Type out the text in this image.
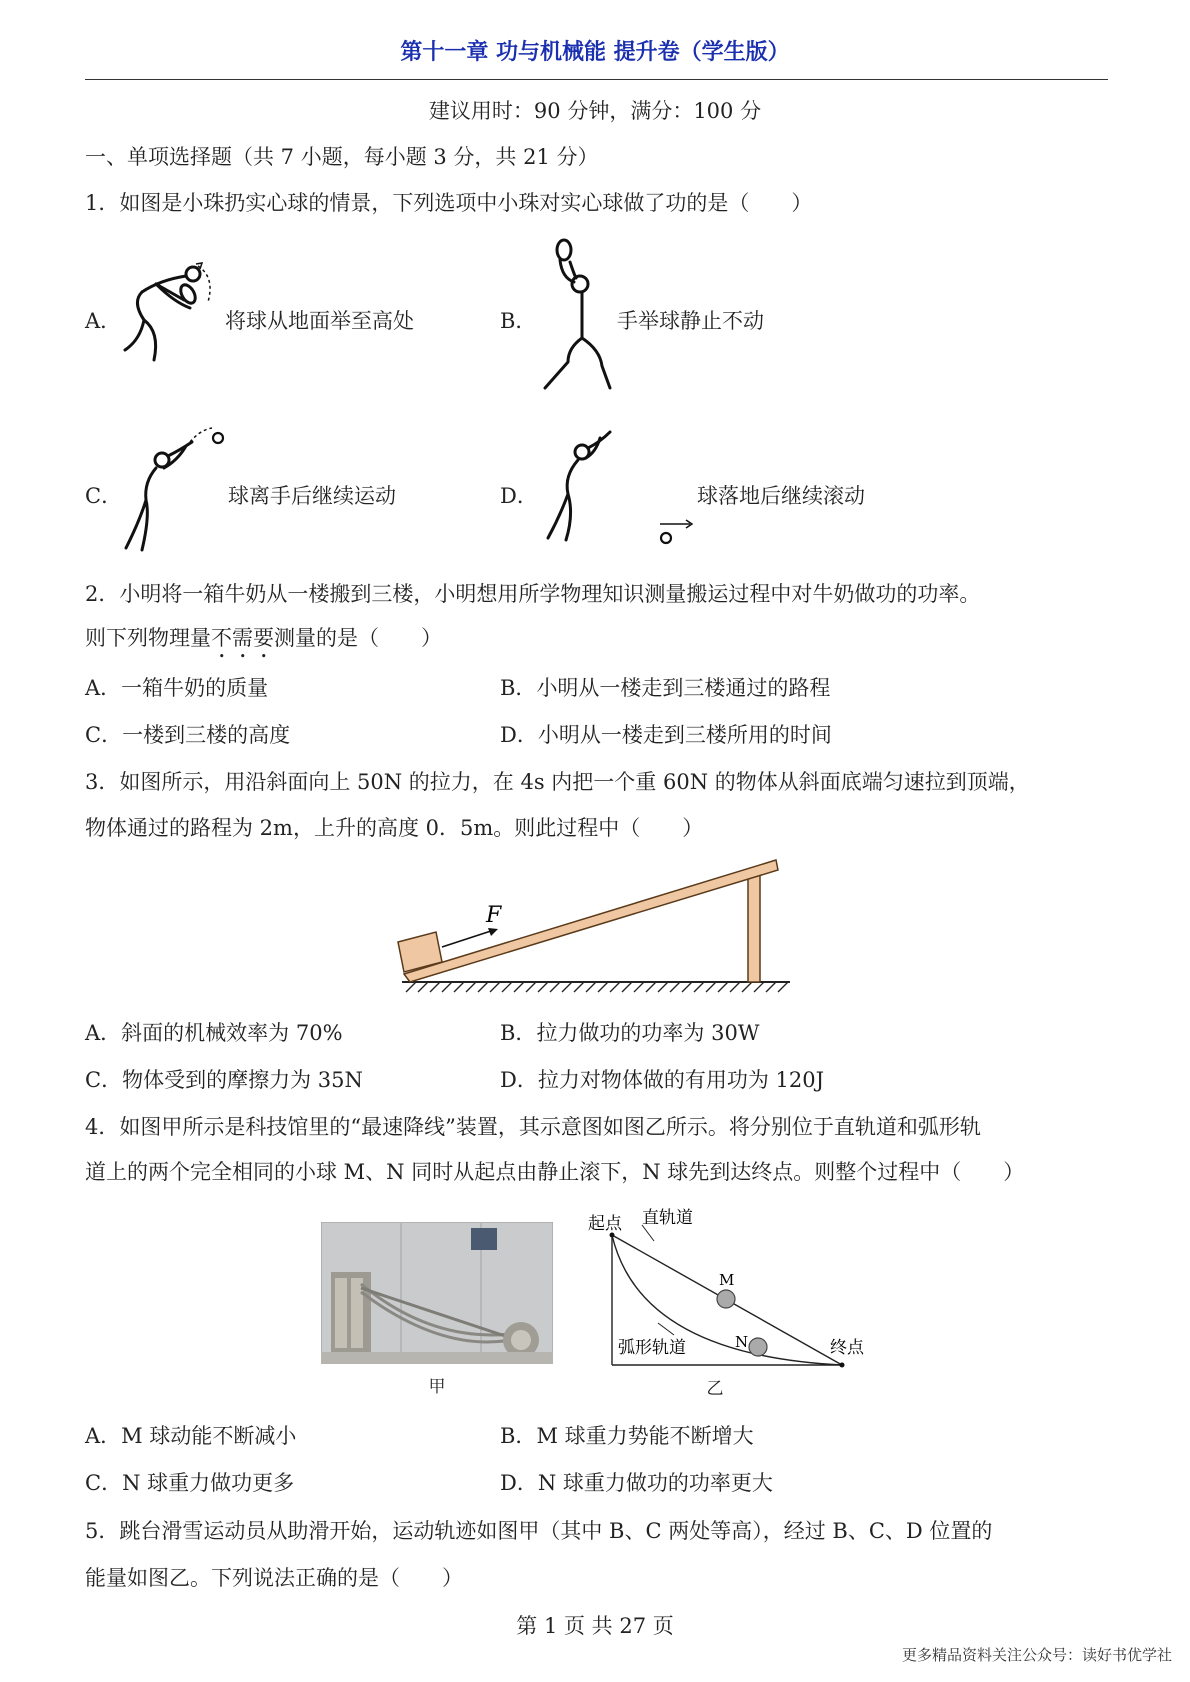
第十一章 功与机械能 提升卷（学生版）
建议用时：90 分钟，满分：100 分
一、单项选择题（共 7 小题，每小题 3 分，共 21 分）
1．如图是小珠扔实心球的情景，下列选项中小珠对实心球做了功的是（　　）
A．	将球从地面举至高处	B．	手举球静止不动
C．	球离手后继续运动	D．	球落地后继续滚动
2．小明将一箱牛奶从一楼搬到三楼，小明想用所学物理知识测量搬运过程中对牛奶做功的功率。
则下列物理量不需要测量的是（　　）
A．一箱牛奶的质量	B．小明从一楼走到三楼通过的路程
C．一楼到三楼的高度	D．小明从一楼走到三楼所用的时间
3．如图所示，用沿斜面向上 50N 的拉力，在 4s 内把一个重 60N 的物体从斜面底端匀速拉到顶端，
物体通过的路程为 2m，上升的高度 0．5m。则此过程中（　　）
F
A．斜面的机械效率为 70%	B．拉力做功的功率为 30W
C．物体受到的摩擦力为 35N	D．拉力对物体做的有用功为 120J
4．如图甲所示是科技馆里的“最速降线”装置，其示意图如图乙所示。将分别位于直轨道和弧形轨
道上的两个完全相同的小球 M、N 同时从起点由静止滚下，N 球先到达终点。则整个过程中（　　）
甲
起点 直轨道
M
N
弧形轨道	终点
乙
A．M 球动能不断减小	B．M 球重力势能不断增大
C．N 球重力做功更多	D．N 球重力做功的功率更大
5．跳台滑雪运动员从助滑开始，运动轨迹如图甲（其中 B、C 两处等高），经过 B、C、D 位置的
能量如图乙。下列说法正确的是（　　）
第 1 页 共 27 页
更多精品资料关注公众号：读好书优学社
